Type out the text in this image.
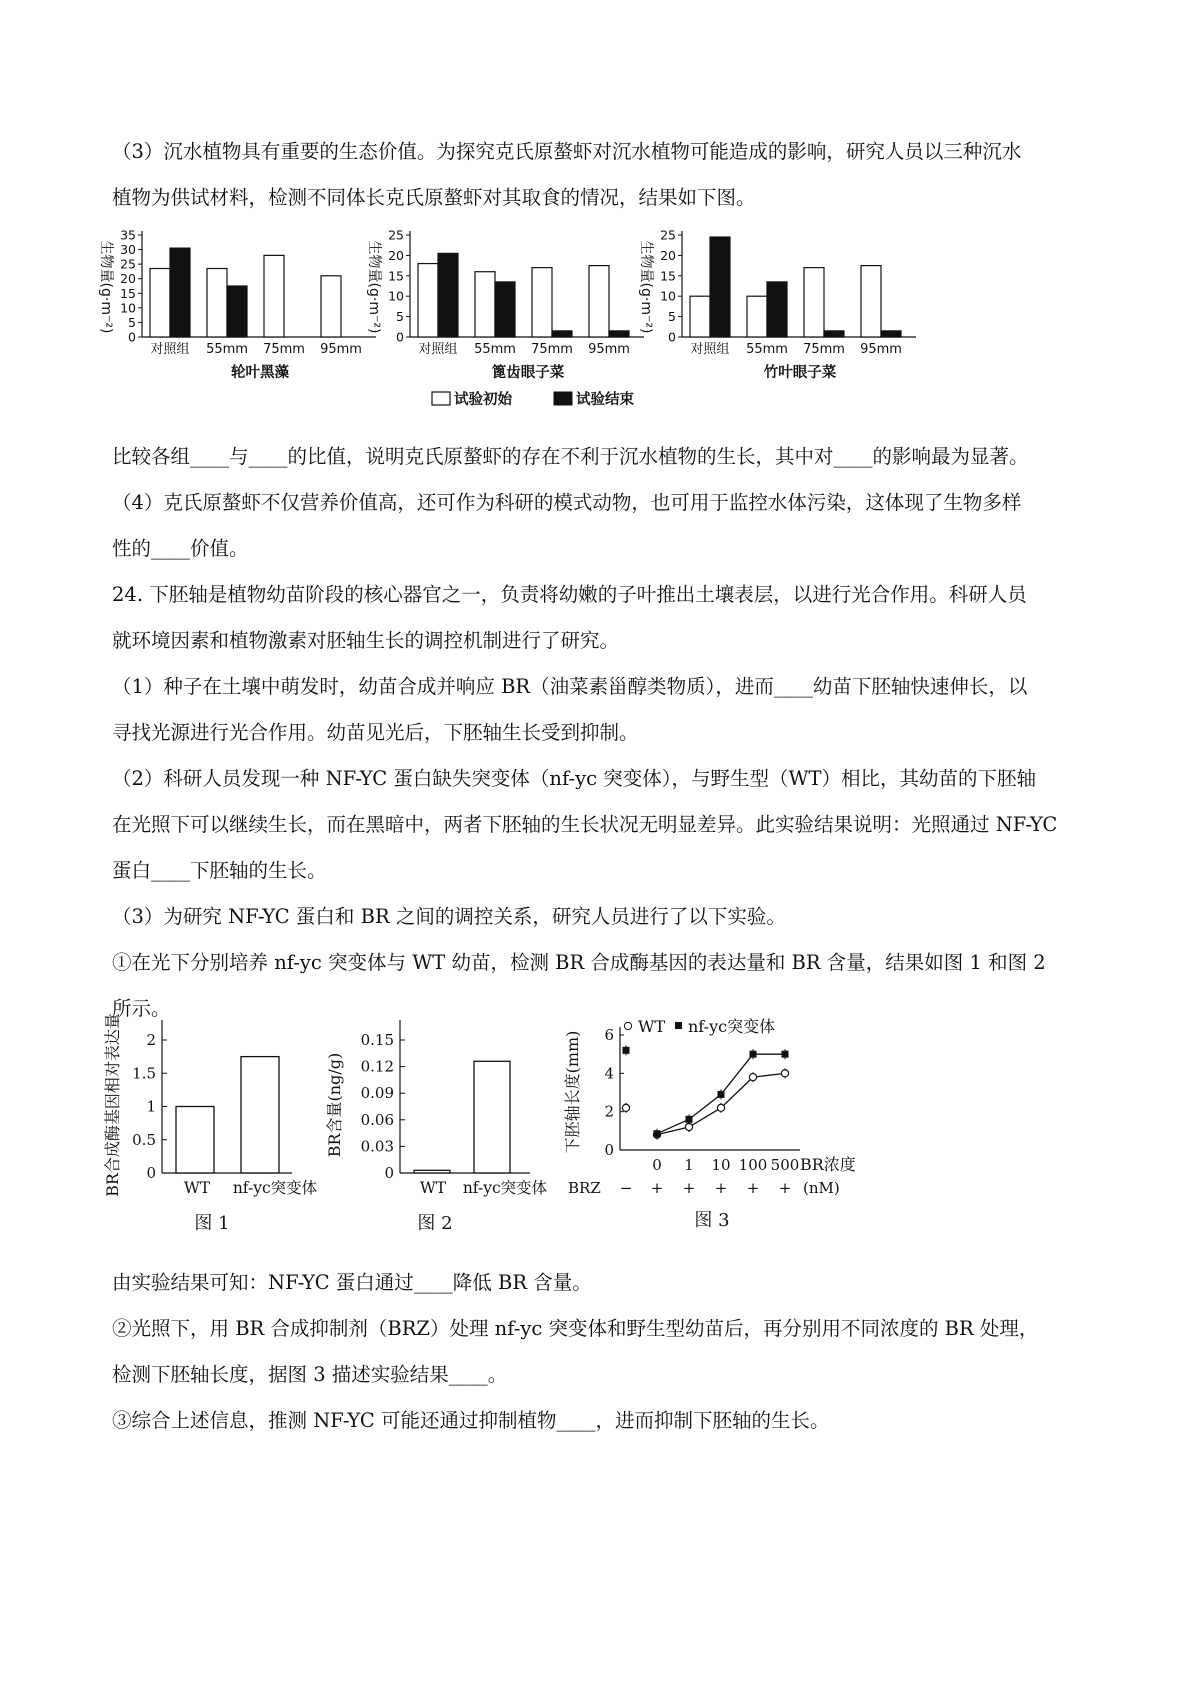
（3）沉水植物具有重要的生态价值。为探究克氏原螯虾对沉水植物可能造成的影响，研究人员以三种沉水
植物为供试材料，检测不同体长克氏原螯虾对其取食的情况，结果如下图。
生物量(g·m⁻²)
0
5
10
15
20
25
30
35
对照组 55mm 75mm 95mm
轮叶黑藻
生物量(g·m⁻²)
0
5
10
15
20
25
对照组 55mm 75mm 95mm
篦齿眼子菜
生物量(g·m⁻²)
0
5
10
15
20
25
对照组 55mm 75mm 95mm
竹叶眼子菜
试验初始	试验结束
比较各组____与____的比值，说明克氏原螯虾的存在不利于沉水植物的生长，其中对____的影响最为显著。
（4）克氏原螯虾不仅营养价值高，还可作为科研的模式动物，也可用于监控水体污染，这体现了生物多样
性的____价值。
24. 下胚轴是植物幼苗阶段的核心器官之一，负责将幼嫩的子叶推出土壤表层，以进行光合作用。科研人员
就环境因素和植物激素对胚轴生长的调控机制进行了研究。
（1）种子在土壤中萌发时，幼苗合成并响应 BR（油菜素甾醇类物质），进而____幼苗下胚轴快速伸长，以
寻找光源进行光合作用。幼苗见光后，下胚轴生长受到抑制。
（2）科研人员发现一种 NF-YC 蛋白缺失突变体（nf-yc 突变体），与野生型（WT）相比，其幼苗的下胚轴
在光照下可以继续生长，而在黑暗中，两者下胚轴的生长状况无明显差异。此实验结果说明：光照通过 NF-YC
蛋白____下胚轴的生长。
（3）为研究 NF-YC 蛋白和 BR 之间的调控关系，研究人员进行了以下实验。
①在光下分别培养 nf-yc 突变体与 WT 幼苗，检测 BR 合成酶基因的表达量和 BR 含量，结果如图 1 和图 2
所示。
BR合成酶基因相对表达量 0
0.5
1
1.5
2
WT nf-yc突变体
图 1
BR含量(ng/g)
0
0.03
0.06
0.09
0.12
0.15
WT nf-yc突变体
图 2
下胚轴长度(mm) 0
2
4
6 WT nf-yc突变体
−
0
+
1
+
10
+
100
+
500
+
BR浓度
(nM)
BRZ
图 3
由实验结果可知：NF-YC 蛋白通过____降低 BR 含量。
②光照下，用 BR 合成抑制剂（BRZ）处理 nf-yc 突变体和野生型幼苗后，再分别用不同浓度的 BR 处理，
检测下胚轴长度，据图 3 描述实验结果____。
③综合上述信息，推测 NF-YC 可能还通过抑制植物____，进而抑制下胚轴的生长。
